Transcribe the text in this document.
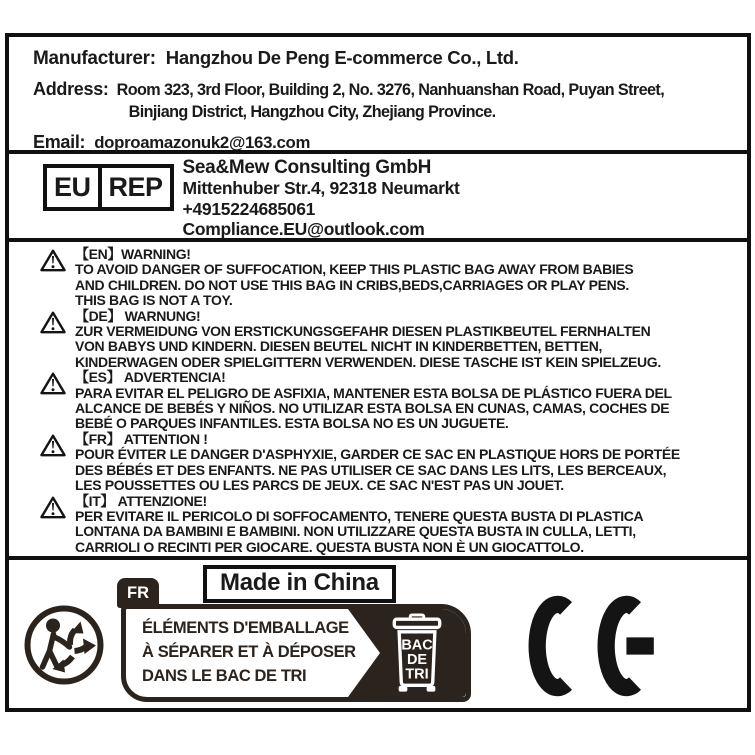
Manufacturer: Hangzhou De Peng E-commerce Co., Ltd.
Address: Room 323, 3rd Floor, Building 2, No. 3276, Nanhuanshan Road, Puyan Street,
Binjiang District, Hangzhou City, Zhejiang Province.
Email: doproamazonuk2@163.com
EU REP
Sea&Mew Consulting GmbH
Mittenhuber Str.4, 92318 Neumarkt
+4915224685061
Compliance.EU@outlook.com
【EN】WARNING!
TO AVOID DANGER OF SUFFOCATION, KEEP THIS PLASTIC BAG AWAY FROM BABIES
AND CHILDREN. DO NOT USE THIS BAG IN CRIBS,BEDS,CARRIAGES OR PLAY PENS.
THIS BAG IS NOT A TOY.
【DE】 WARNUNG!
ZUR VERMEIDUNG VON ERSTICKUNGSGEFAHR DIESEN PLASTIKBEUTEL FERNHALTEN
VON BABYS UND KINDERN. DIESEN BEUTEL NICHT IN KINDERBETTEN, BETTEN,
KINDERWAGEN ODER SPIELGITTERN VERWENDEN. DIESE TASCHE IST KEIN SPIELZEUG.
【ES】 ADVERTENCIA!
PARA EVITAR EL PELIGRO DE ASFIXIA, MANTENER ESTA BOLSA DE PLÁSTICO FUERA DEL
ALCANCE DE BEBÉS Y NIÑOS. NO UTILIZAR ESTA BOLSA EN CUNAS, CAMAS, COCHES DE
BEBÉ O PARQUES INFANTILES. ESTA BOLSA NO ES UN JUGUETE.
【FR】 ATTENTION !
POUR ÉVITER LE DANGER D'ASPHYXIE, GARDER CE SAC EN PLASTIQUE HORS DE PORTÉE
DES BÉBÉS ET DES ENFANTS. NE PAS UTILISER CE SAC DANS LES LITS, LES BERCEAUX,
LES POUSSETTES OU LES PARCS DE JEUX. CE SAC N'EST PAS UN JOUET.
【IT】 ATTENZIONE!
PER EVITARE IL PERICOLO DI SOFFOCAMENTO, TENERE QUESTA BUSTA DI PLASTICA
LONTANA DA BAMBINI E BAMBINI. NON UTILIZZARE QUESTA BUSTA IN CULLA, LETTI,
CARRIOLI O RECINTI PER GIOCARE. QUESTA BUSTA NON È UN GIOCATTOLO.
Made in China
FR
BAC
DE
TRI
ÉLÉMENTS D'EMBALLAGE
À SÉPARER ET À DÉPOSER
DANS LE BAC DE TRI
